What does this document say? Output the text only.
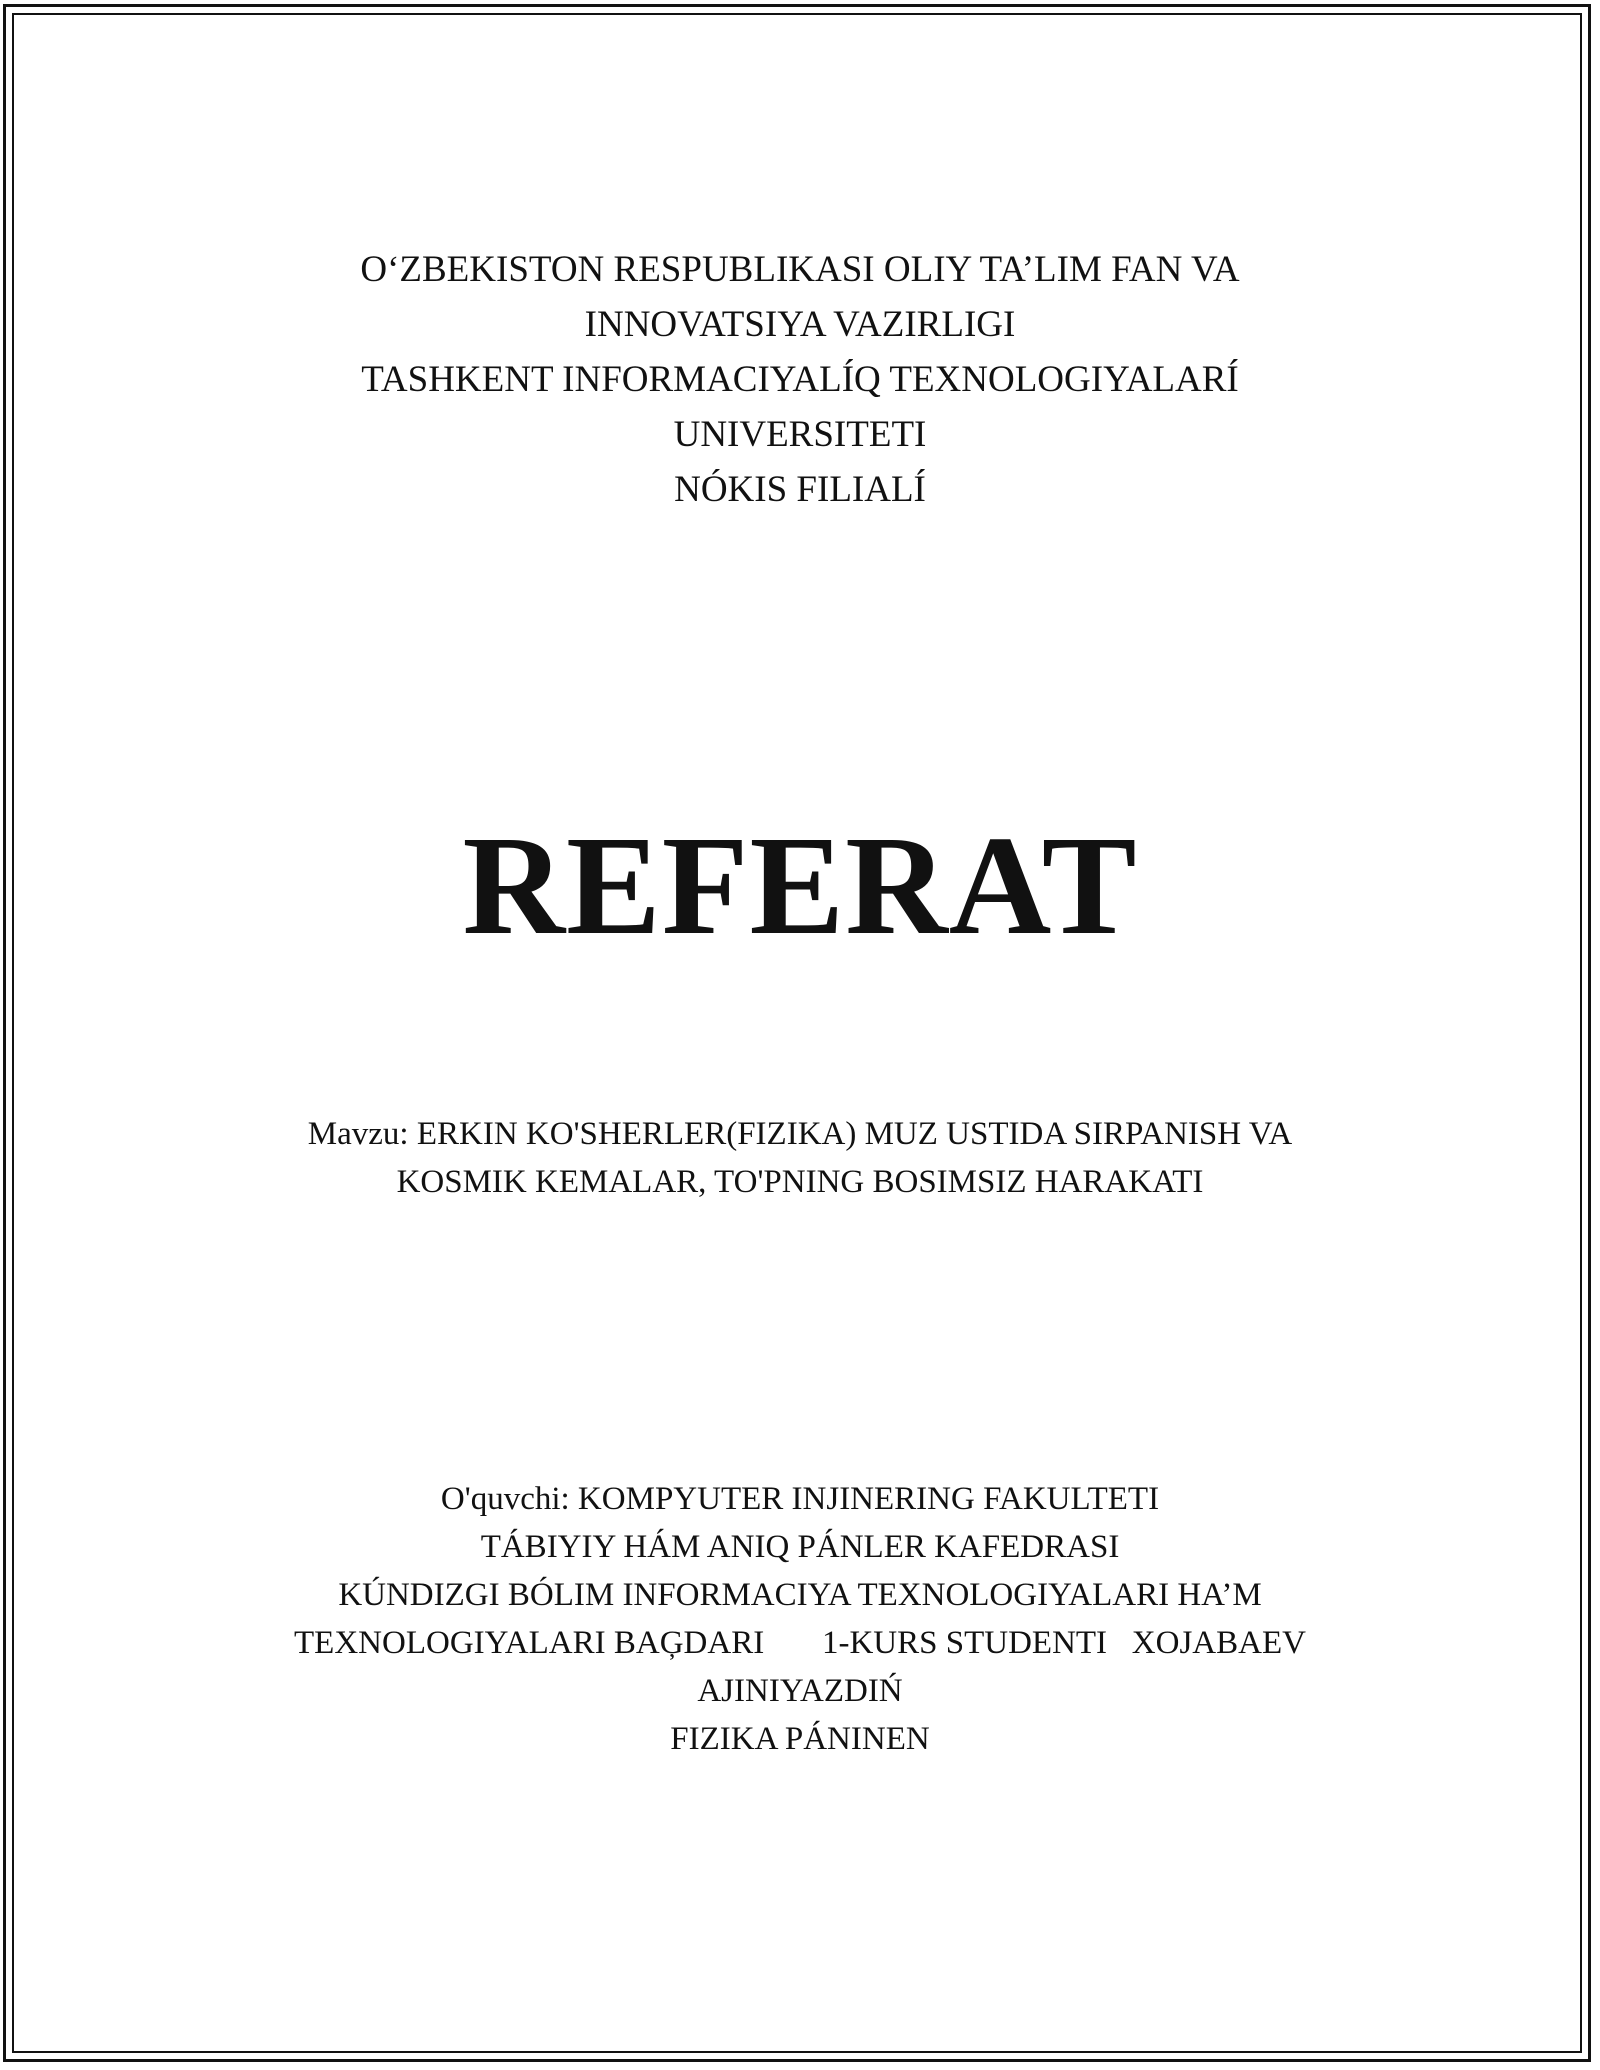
O‘ZBEKISTON RESPUBLIKASI OLIY TA’LIM FAN VA
INNOVATSIYA VAZIRLIGI
TASHKENT INFORMACIYALÍQ TEXNOLOGIYALARÍ
UNIVERSITETI
NÓKIS FILIALÍ
REFERAT
Mavzu: ERKIN KO'SHERLER(FIZIKA) MUZ USTIDA SIRPANISH VA
KOSMIK KEMALAR, TO'PNING BOSIMSIZ HARAKATI
O'quvchi: KOMPYUTER INJINERING FAKULTETI
TÁBIYIY HÁM ANIQ PÁNLER KAFEDRASI
KÚNDIZGI BÓLIM INFORMACIYA TEXNOLOGIYALARI HA’M
TEXNOLOGIYALARI BAĢDARI       1-KURS STUDENTI   XOJABAEV
AJINIYAZDIŃ
FIZIKA PÁNINEN
